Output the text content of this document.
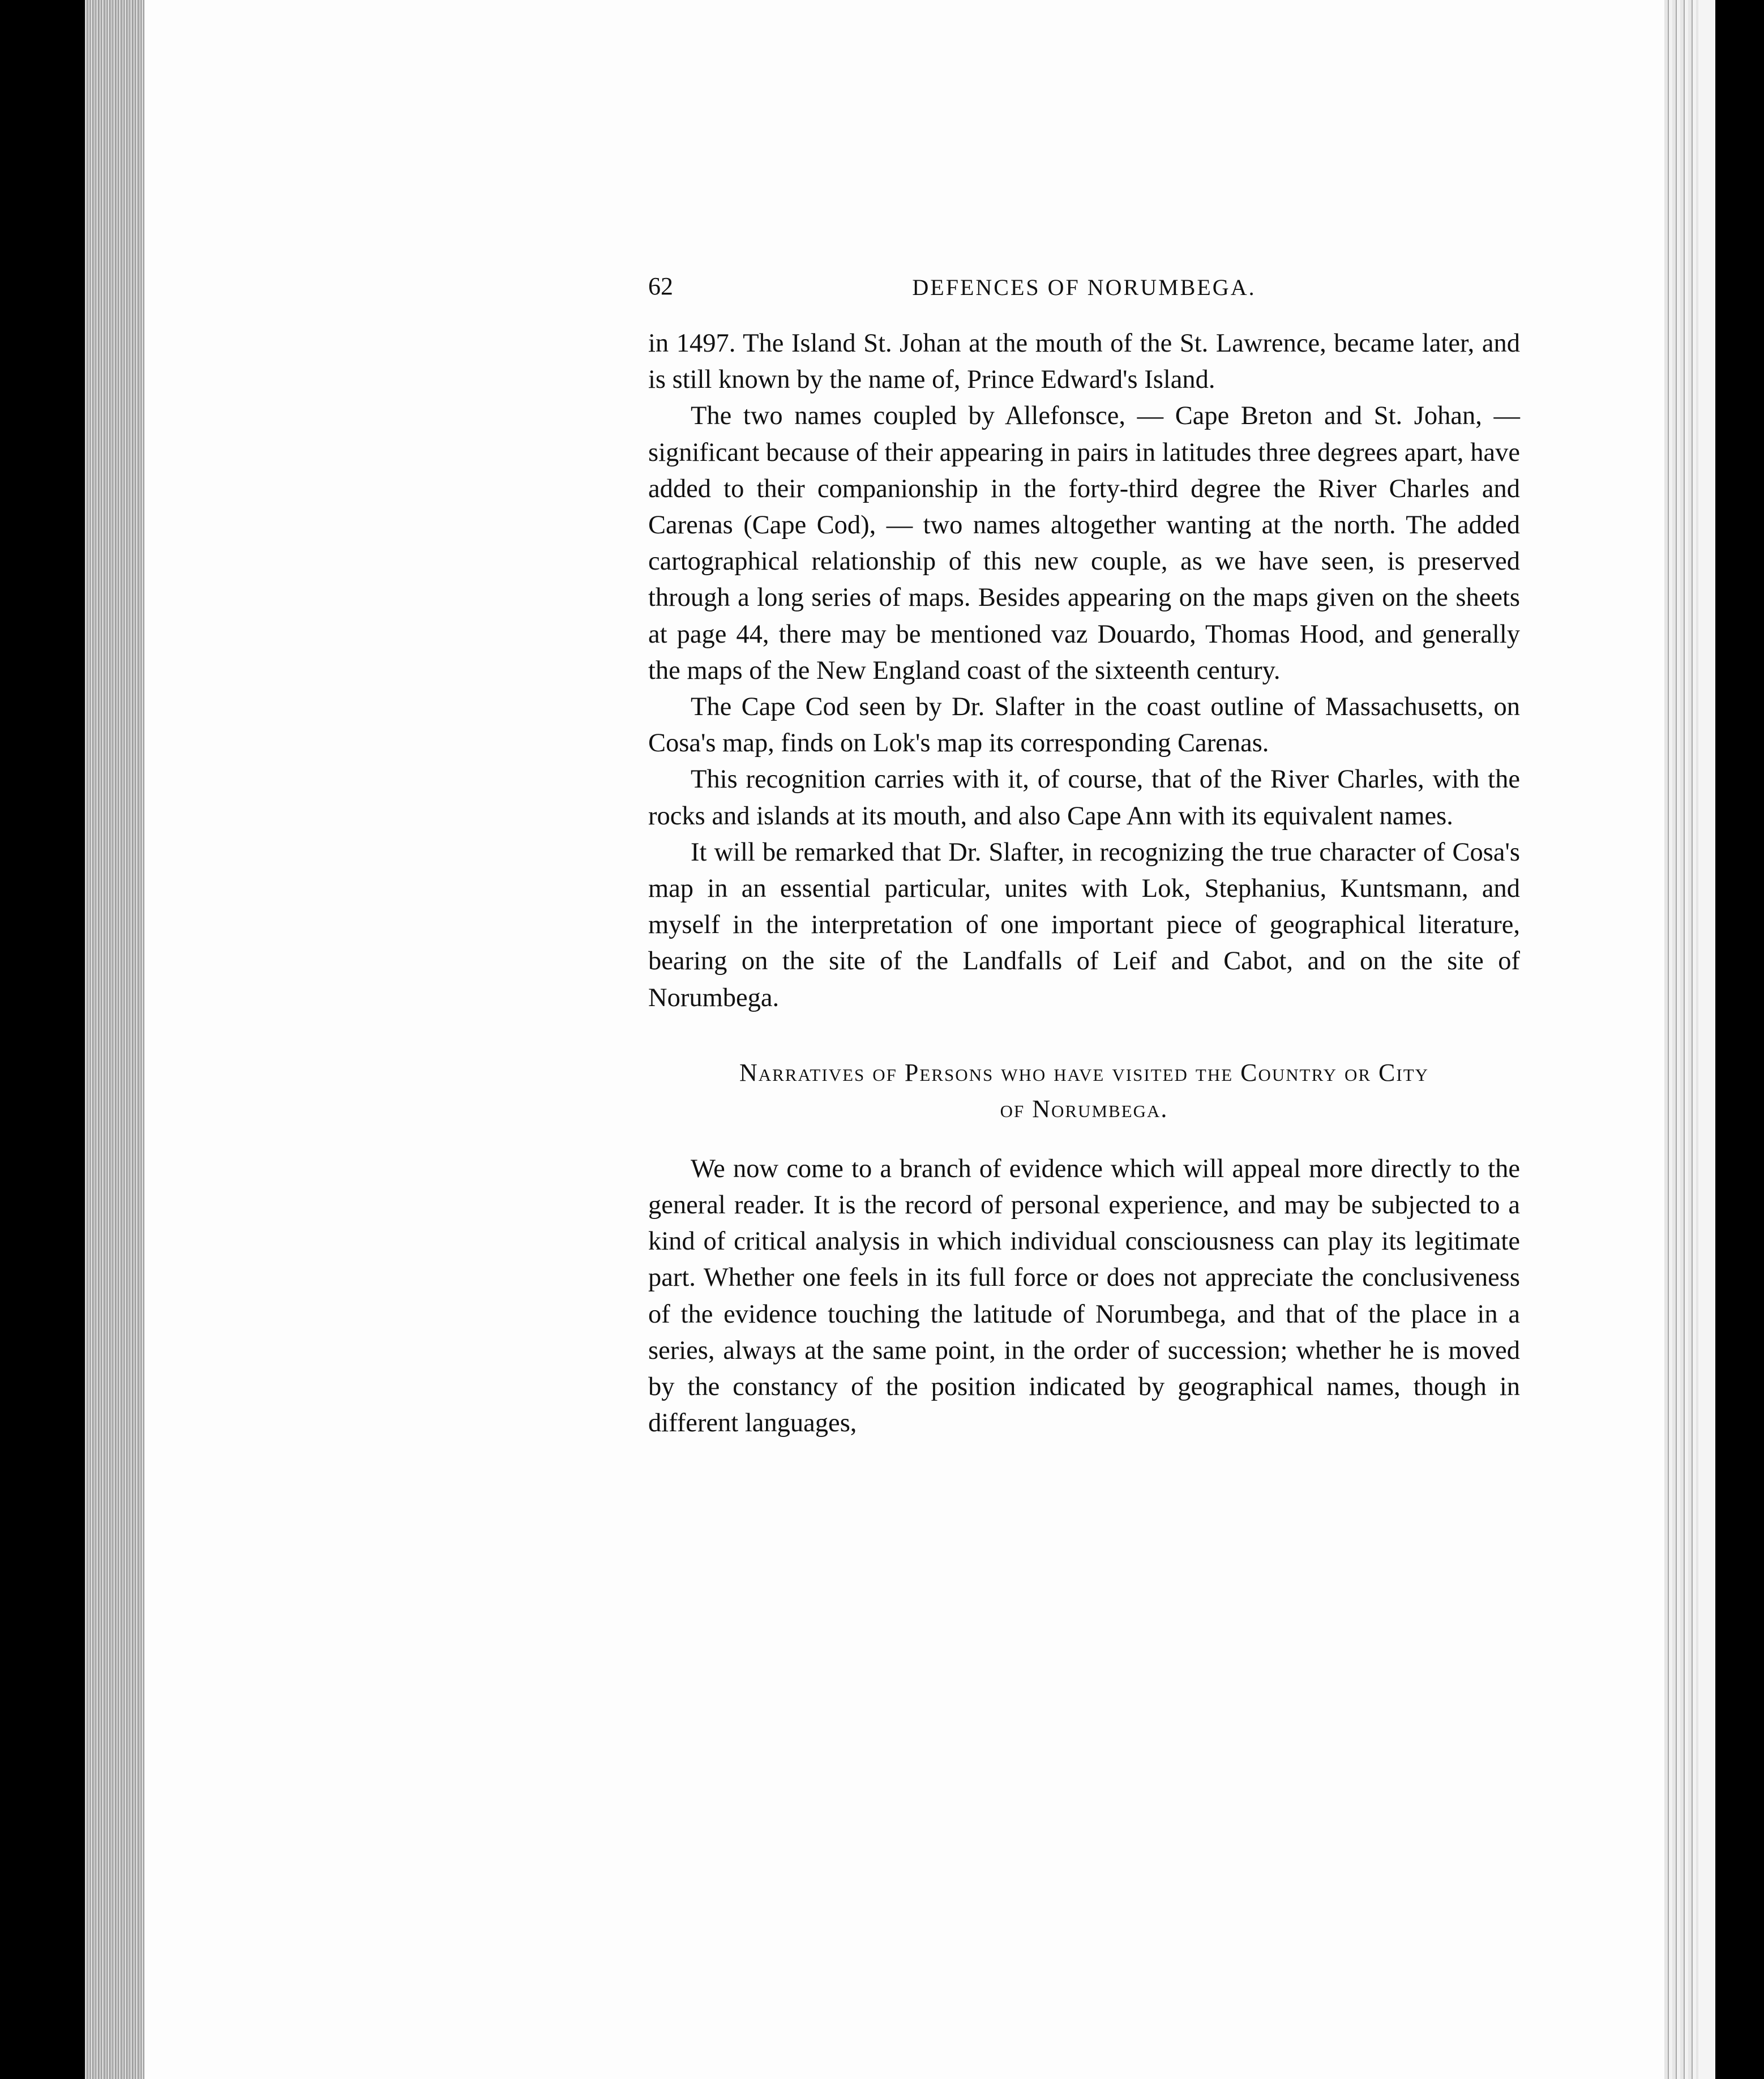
62	DEFENCES OF NORUMBEGA.

in 1497. The Island St. Johan at the mouth of the St. Lawrence, became later, and is still known by the name of, Prince Edward's Island.

The two names coupled by Allefonsce, — Cape Breton and St. Johan, — significant because of their appearing in pairs in latitudes three degrees apart, have added to their companionship in the forty-third degree the River Charles and Carenas (Cape Cod), — two names altogether wanting at the north. The added cartographical relationship of this new couple, as we have seen, is preserved through a long series of maps. Besides appearing on the maps given on the sheets at page 44, there may be mentioned vaz Douardo, Thomas Hood, and generally the maps of the New England coast of the sixteenth century.

The Cape Cod seen by Dr. Slafter in the coast outline of Massachusetts, on Cosa's map, finds on Lok's map its corresponding Carenas.

This recognition carries with it, of course, that of the River Charles, with the rocks and islands at its mouth, and also Cape Ann with its equivalent names.

It will be remarked that Dr. Slafter, in recognizing the true character of Cosa's map in an essential particular, unites with Lok, Stephanius, Kuntsmann, and myself in the interpretation of one important piece of geographical literature, bearing on the site of the Landfalls of Leif and Cabot, and on the site of Norumbega.

Narratives of Persons who have visited the Country or City
of Norumbega.

We now come to a branch of evidence which will appeal more directly to the general reader. It is the record of personal experience, and may be subjected to a kind of critical analysis in which individual consciousness can play its legitimate part. Whether one feels in its full force or does not appreciate the conclusiveness of the evidence touching the latitude of Norumbega, and that of the place in a series, always at the same point, in the order of succession; whether he is moved by the constancy of the position indicated by geographical names, though in different languages,
